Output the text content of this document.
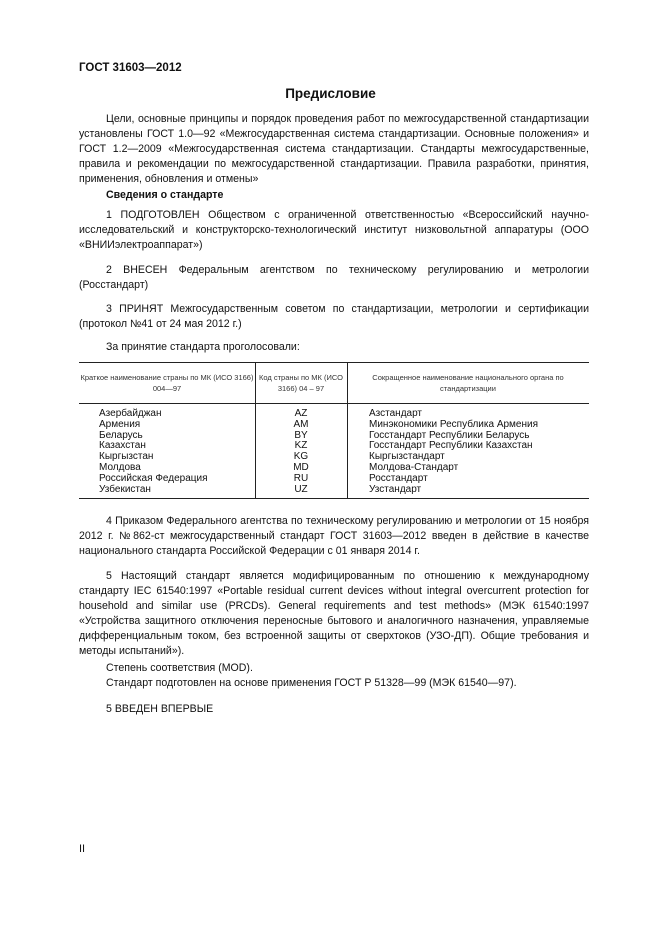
ГОСТ 31603—2012
Предисловие
Цели, основные принципы и порядок проведения работ по межгосударственной стандартизации установлены ГОСТ 1.0—92 «Межгосударственная система стандартизации. Основные положения» и ГОСТ 1.2—2009 «Межгосударственная система стандартизации. Стандарты межгосударственные, правила и рекомендации по межгосударственной стандартизации. Правила разработки, принятия, применения, обновления и отмены»
Сведения о стандарте
1 ПОДГОТОВЛЕН Обществом с ограниченной ответственностью «Всероссийский научно-исследовательский и конструкторско-технологический институт низковольтной аппаратуры (ООО «ВНИИэлектроаппарат»)
2 ВНЕСЕН Федеральным агентством по техническому регулированию и метрологии (Росстандарт)
3 ПРИНЯТ Межгосударственным советом по стандартизации, метрологии и сертификации (протокол №41 от 24 мая 2012 г.)
За принятие стандарта проголосовали:
Краткое наименование страны по МК (ИСО 3166) 004—97
Код страны по МК (ИСО 3166) 04 – 97
Сокращенное наименование национального органа по стандартизации
Азербайджан
Армения
Беларусь
Казахстан
Кыргызстан
Молдова
Российская Федерация
Узбекистан
AZ
AM
BY
KZ
KG
MD
RU
UZ
Азстандарт
Минэкономики Республика Армения
Госстандарт Республики Беларусь
Госстандарт Республики Казахстан
Кыргызстандарт
Молдова-Стандарт
Росстандарт
Узстандарт
4 Приказом Федерального агентства по техническому регулированию и метрологии от 15 ноября 2012 г. №862-ст межгосударственный стандарт ГОСТ 31603—2012 введен в действие в качестве национального стандарта Российской Федерации с 01 января 2014 г.
5 Настоящий стандарт является модифицированным по отношению к международному стандарту IEC 61540:1997 «Portable residual current devices without integral overcurrent protection for household and similar use (PRCDs). General requirements and test methods» (МЭК 61540:1997 «Устройства защитного отключения переносные бытового и аналогичного назначения, управляемые дифференциальным током, без встроенной защиты от сверхтоков (УЗО-ДП). Общие требования и методы испытаний»).
Степень соответствия (MOD).
Стандарт подготовлен на основе применения ГОСТ Р 51328—99 (МЭК 61540—97).
5 ВВЕДЕН ВПЕРВЫЕ
II
